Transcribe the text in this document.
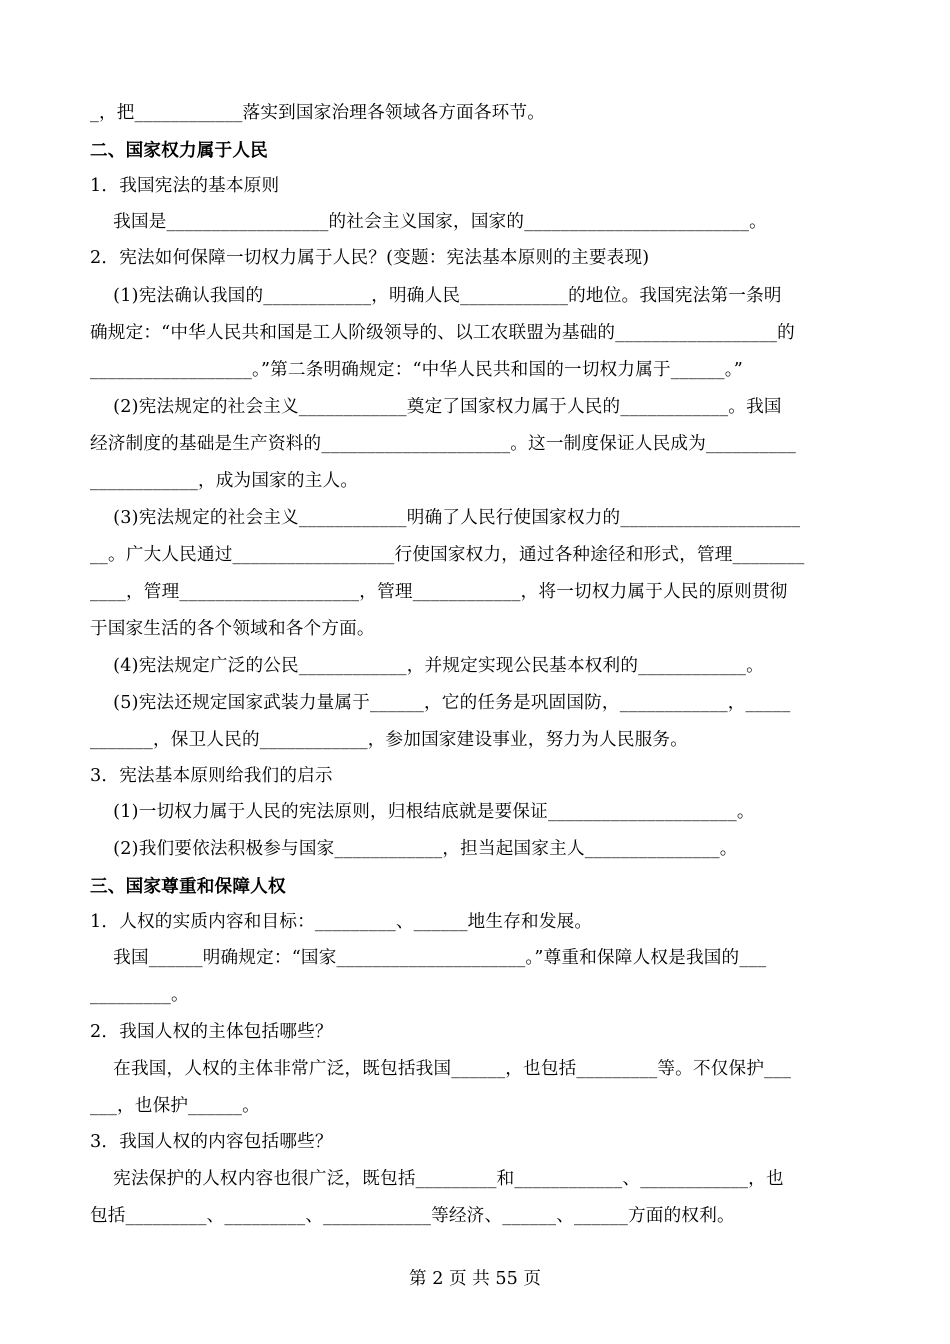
_，把____________落实到国家治理各领域各方面各环节。
二、国家权力属于人民
1．我国宪法的基本原则
我国是__________________的社会主义国家，国家的_________________________。
2．宪法如何保障一切权力属于人民？(变题：宪法基本原则的主要表现)
(1)宪法确认我国的____________，明确人民____________的地位。我国宪法第一条明
确规定：“中华人民共和国是工人阶级领导的、以工农联盟为基础的__________________的
__________________。”第二条明确规定：“中华人民共和国的一切权力属于______。”
(2)宪法规定的社会主义____________奠定了国家权力属于人民的____________。我国
经济制度的基础是生产资料的_____________________。这一制度保证人民成为__________
____________，成为国家的主人。
(3)宪法规定的社会主义____________明确了人民行使国家权力的____________________
__。广大人民通过__________________行使国家权力，通过各种途径和形式，管理________
____，管理____________________，管理____________，将一切权力属于人民的原则贯彻
于国家生活的各个领域和各个方面。
(4)宪法规定广泛的公民____________，并规定实现公民基本权利的____________。
(5)宪法还规定国家武装力量属于______，它的任务是巩固国防，____________，_____
_______，保卫人民的____________，参加国家建设事业，努力为人民服务。
3．宪法基本原则给我们的启示
(1)一切权力属于人民的宪法原则，归根结底就是要保证_____________________。
(2)我们要依法积极参与国家____________，担当起国家主人_______________。
三、国家尊重和保障人权
1．人权的实质内容和目标：_________、______地生存和发展。
我国______明确规定：“国家_____________________。”尊重和保障人权是我国的___
_________。
2．我国人权的主体包括哪些？
在我国，人权的主体非常广泛，既包括我国______，也包括_________等。不仅保护___
___，也保护______。
3．我国人权的内容包括哪些？
宪法保护的人权内容也很广泛，既包括_________和____________、____________，也
包括_________、_________、____________等经济、______、______方面的权利。
第 2 页 共 55 页
